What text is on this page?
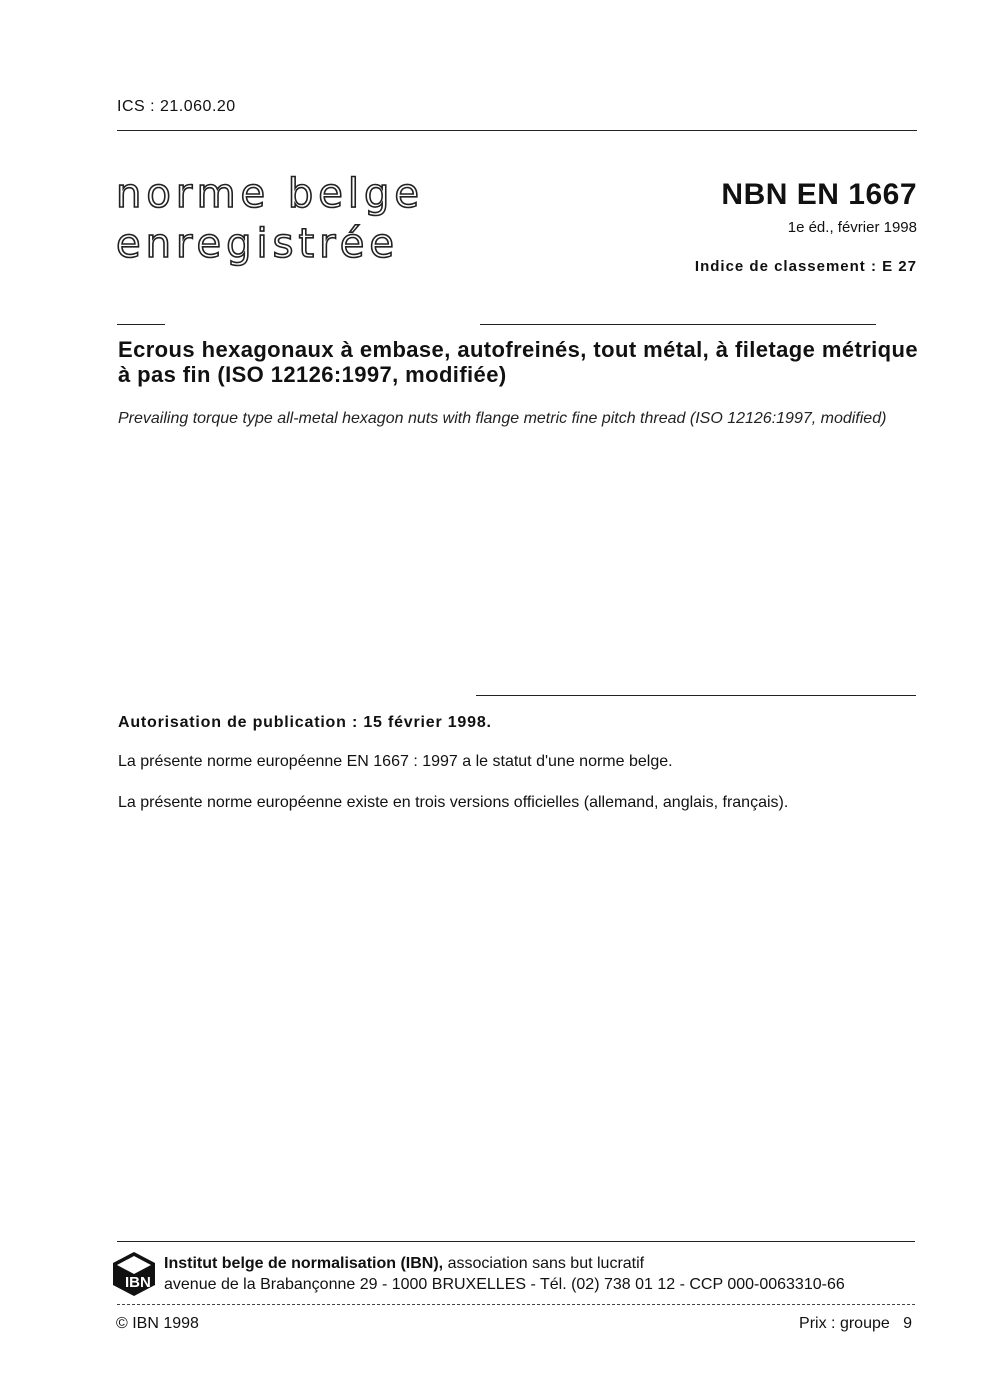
ICS : 21.060.20
norme belge
enregistrée
NBN EN 1667
1e éd., février 1998
Indice de classement : E 27
Ecrous hexagonaux à embase, autofreinés, tout métal, à filetage métrique à pas fin (ISO 12126:1997, modifiée)
Prevailing torque type all-metal hexagon nuts with flange metric fine pitch thread (ISO 12126:1997, modified)
Autorisation de publication : 15 février 1998.
La présente norme européenne EN 1667 : 1997 a le statut d'une norme belge.
La présente norme européenne existe en trois versions officielles (allemand, anglais, français).
IBN
Institut belge de normalisation (IBN), association sans but lucratif
avenue de la Brabançonne 29 - 1000 BRUXELLES - Tél. (02) 738 01 12 - CCP 000-0063310-66
© IBN 1998	Prix : groupe   9
